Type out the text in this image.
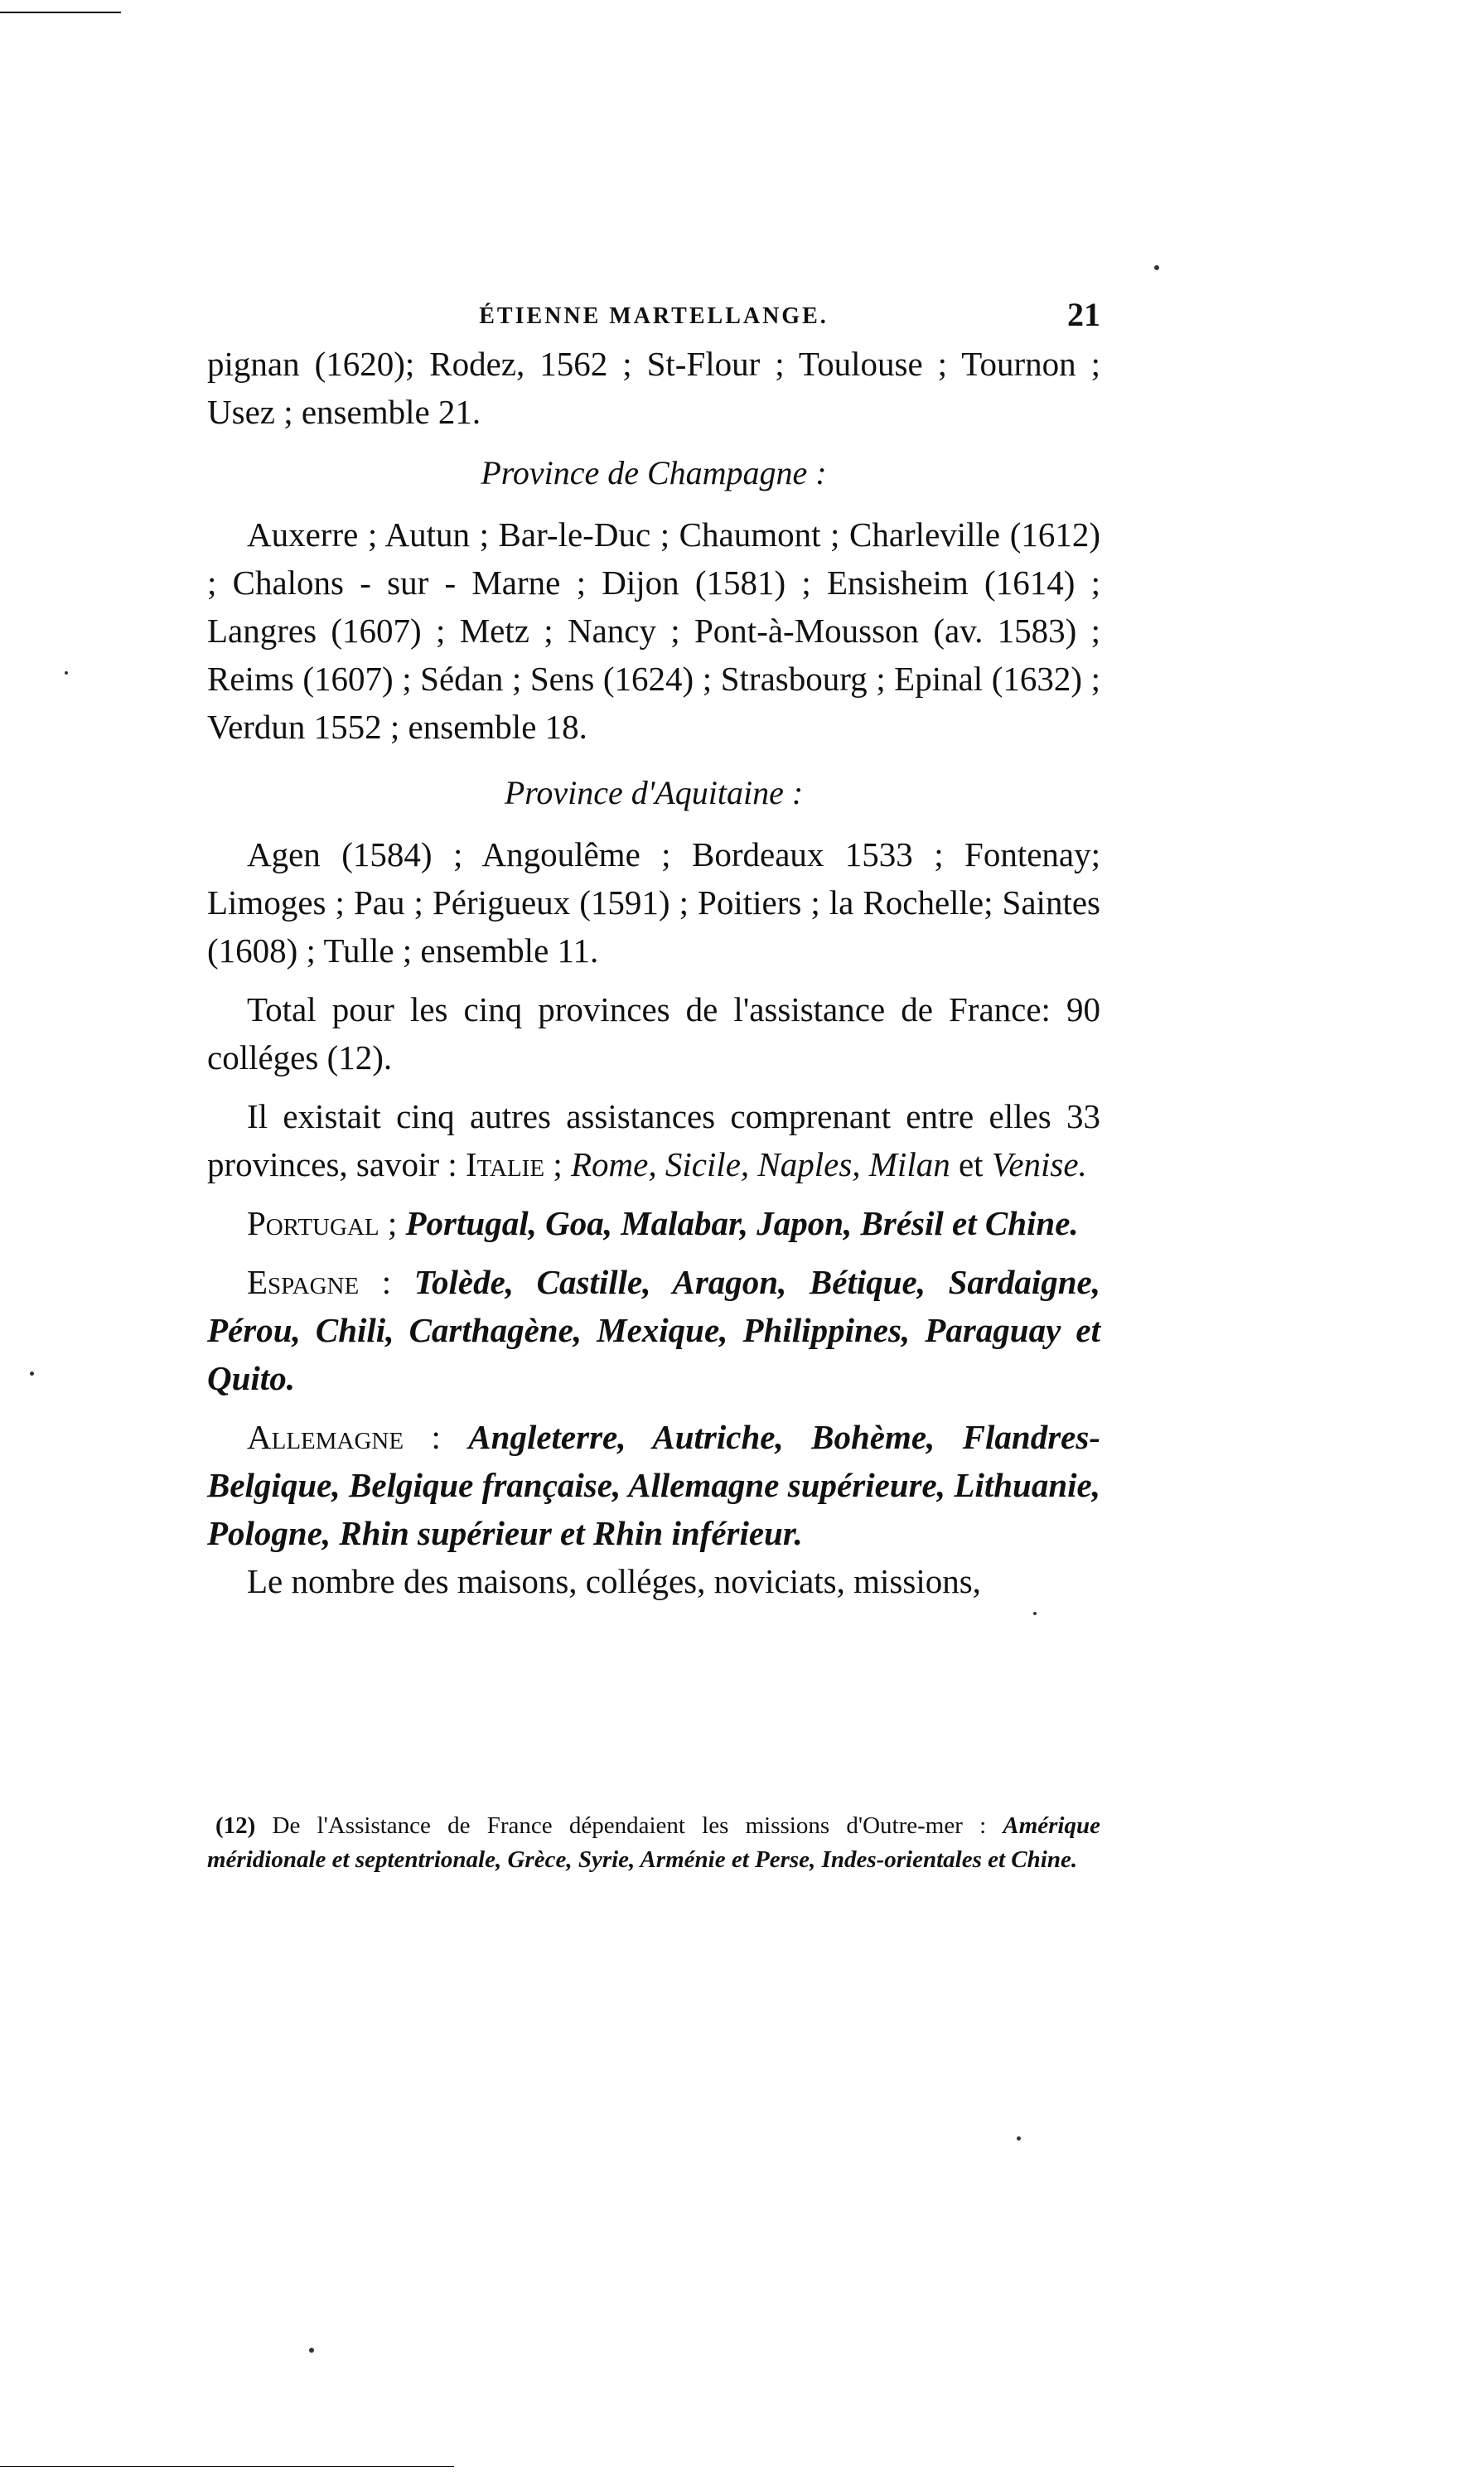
ÉTIENNE MARTELLANGE.	21

pignan (1620); Rodez, 1562 ; St-Flour ; Toulouse ; Tournon ; Usez ; ensemble 21.

Province de Champagne :

Auxerre ; Autun ; Bar-le-Duc ; Chaumont ; Charleville (1612) ; Chalons - sur - Marne ; Dijon (1581) ; Ensisheim (1614) ; Langres (1607) ; Metz ; Nancy ; Pont-à-Mousson (av. 1583) ; Reims (1607) ; Sédan ; Sens (1624) ; Strasbourg ; Epinal (1632) ; Verdun 1552 ; ensemble 18.

Province d'Aquitaine :

Agen (1584) ; Angoulême ; Bordeaux 1533 ; Fontenay; Limoges ; Pau ; Périgueux (1591) ; Poitiers ; la Rochelle; Saintes (1608) ; Tulle ; ensemble 11.

Total pour les cinq provinces de l'assistance de France: 90 colléges (12).

Il existait cinq autres assistances comprenant entre elles 33 provinces, savoir : Italie ; Rome, Sicile, Naples, Milan et Venise.

Portugal ; Portugal, Goa, Malabar, Japon, Brésil et Chine.

Espagne : Tolède, Castille, Aragon, Bétique, Sardaigne, Pérou, Chili, Carthagène, Mexique, Philippines, Paraguay et Quito.

Allemagne : Angleterre, Autriche, Bohème, Flandres-Belgique, Belgique française, Allemagne supérieure, Lithuanie, Pologne, Rhin supérieur et Rhin inférieur.

Le nombre des maisons, colléges, noviciats, missions,

(12) De l'Assistance de France dépendaient les missions d'Outre-mer : Amérique méridionale et septentrionale, Grèce, Syrie, Arménie et Perse, Indes-orientales et Chine.
